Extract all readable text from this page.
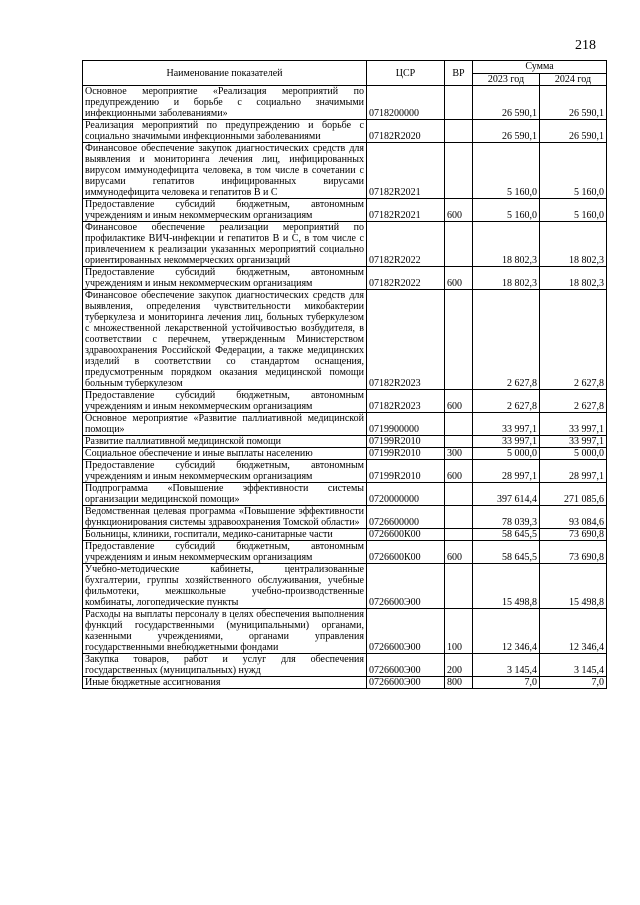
218
Наименование показателей	ЦСР	ВР	Сумма	
			2023 год	2024 год
Основное мероприятие «Реализация мероприятий по предупреждению и борьбе с социально значимыми инфекционными заболеваниями»	0718200000		26 590,1	26 590,1
Реализация мероприятий по предупреждению и борьбе с социально значимыми инфекционными заболеваниями	07182R2020		26 590,1	26 590,1
Финансовое обеспечение закупок диагностических средств для выявления и мониторинга лечения лиц, инфицированных вирусом иммунодефицита человека, в том числе в сочетании с вирусами гепатитов инфицированных вирусами иммунодефицита человека и гепатитов В и С	07182R2021		5 160,0	5 160,0
Предоставление субсидий бюджетным, автономным учреждениям и иным некоммерческим организациям	07182R2021	600	5 160,0	5 160,0
Финансовое обеспечение реализации мероприятий по профилактике ВИЧ-инфекции и гепатитов В и С, в том числе с привлечением к реализации указанных мероприятий социально ориентированных некоммерческих организаций	07182R2022		18 802,3	18 802,3
Предоставление субсидий бюджетным, автономным учреждениям и иным некоммерческим организациям	07182R2022	600	18 802,3	18 802,3
Финансовое обеспечение закупок диагностических средств для выявления, определения чувствительности микобактерии туберкулеза и мониторинга лечения лиц, больных туберкулезом с множественной лекарственной устойчивостью возбудителя, в соответствии с перечнем, утвержденным Министерством здравоохранения Российской Федерации, а также медицинских изделий в соответствии со стандартом оснащения, предусмотренным порядком оказания медицинской помощи больным туберкулезом	07182R2023		2 627,8	2 627,8
Предоставление субсидий бюджетным, автономным учреждениям и иным некоммерческим организациям	07182R2023	600	2 627,8	2 627,8
Основное мероприятие «Развитие паллиативной медицинской помощи»	0719900000		33 997,1	33 997,1
Развитие паллиативной медицинской помощи	07199R2010		33 997,1	33 997,1
Социальное обеспечение и иные выплаты населению	07199R2010	300	5 000,0	5 000,0
Предоставление субсидий бюджетным, автономным учреждениям и иным некоммерческим организациям	07199R2010	600	28 997,1	28 997,1
Подпрограмма «Повышение эффективности системы организации медицинской помощи»	0720000000		397 614,4	271 085,6
Ведомственная целевая программа «Повышение эффективности функционирования системы здравоохранения Томской области»	0726600000		78 039,3	93 084,6
Больницы, клиники, госпитали, медико-санитарные части	0726600К00		58 645,5	73 690,8
Предоставление субсидий бюджетным, автономным учреждениям и иным некоммерческим организациям	0726600К00	600	58 645,5	73 690,8
Учебно-методические кабинеты, централизованные бухгалтерии, группы хозяйственного обслуживания, учебные фильмотеки, межшкольные учебно-производственные комбинаты, логопедические пункты	0726600Э00		15 498,8	15 498,8
Расходы на выплаты персоналу в целях обеспечения выполнения функций государственными (муниципальными) органами, казенными учреждениями, органами управления государственными внебюджетными фондами	0726600Э00	100	12 346,4	12 346,4
Закупка товаров, работ и услуг для обеспечения государственных (муниципальных) нужд	0726600Э00	200	3 145,4	3 145,4
Иные бюджетные ассигнования	0726600Э00	800	7,0	7,0
